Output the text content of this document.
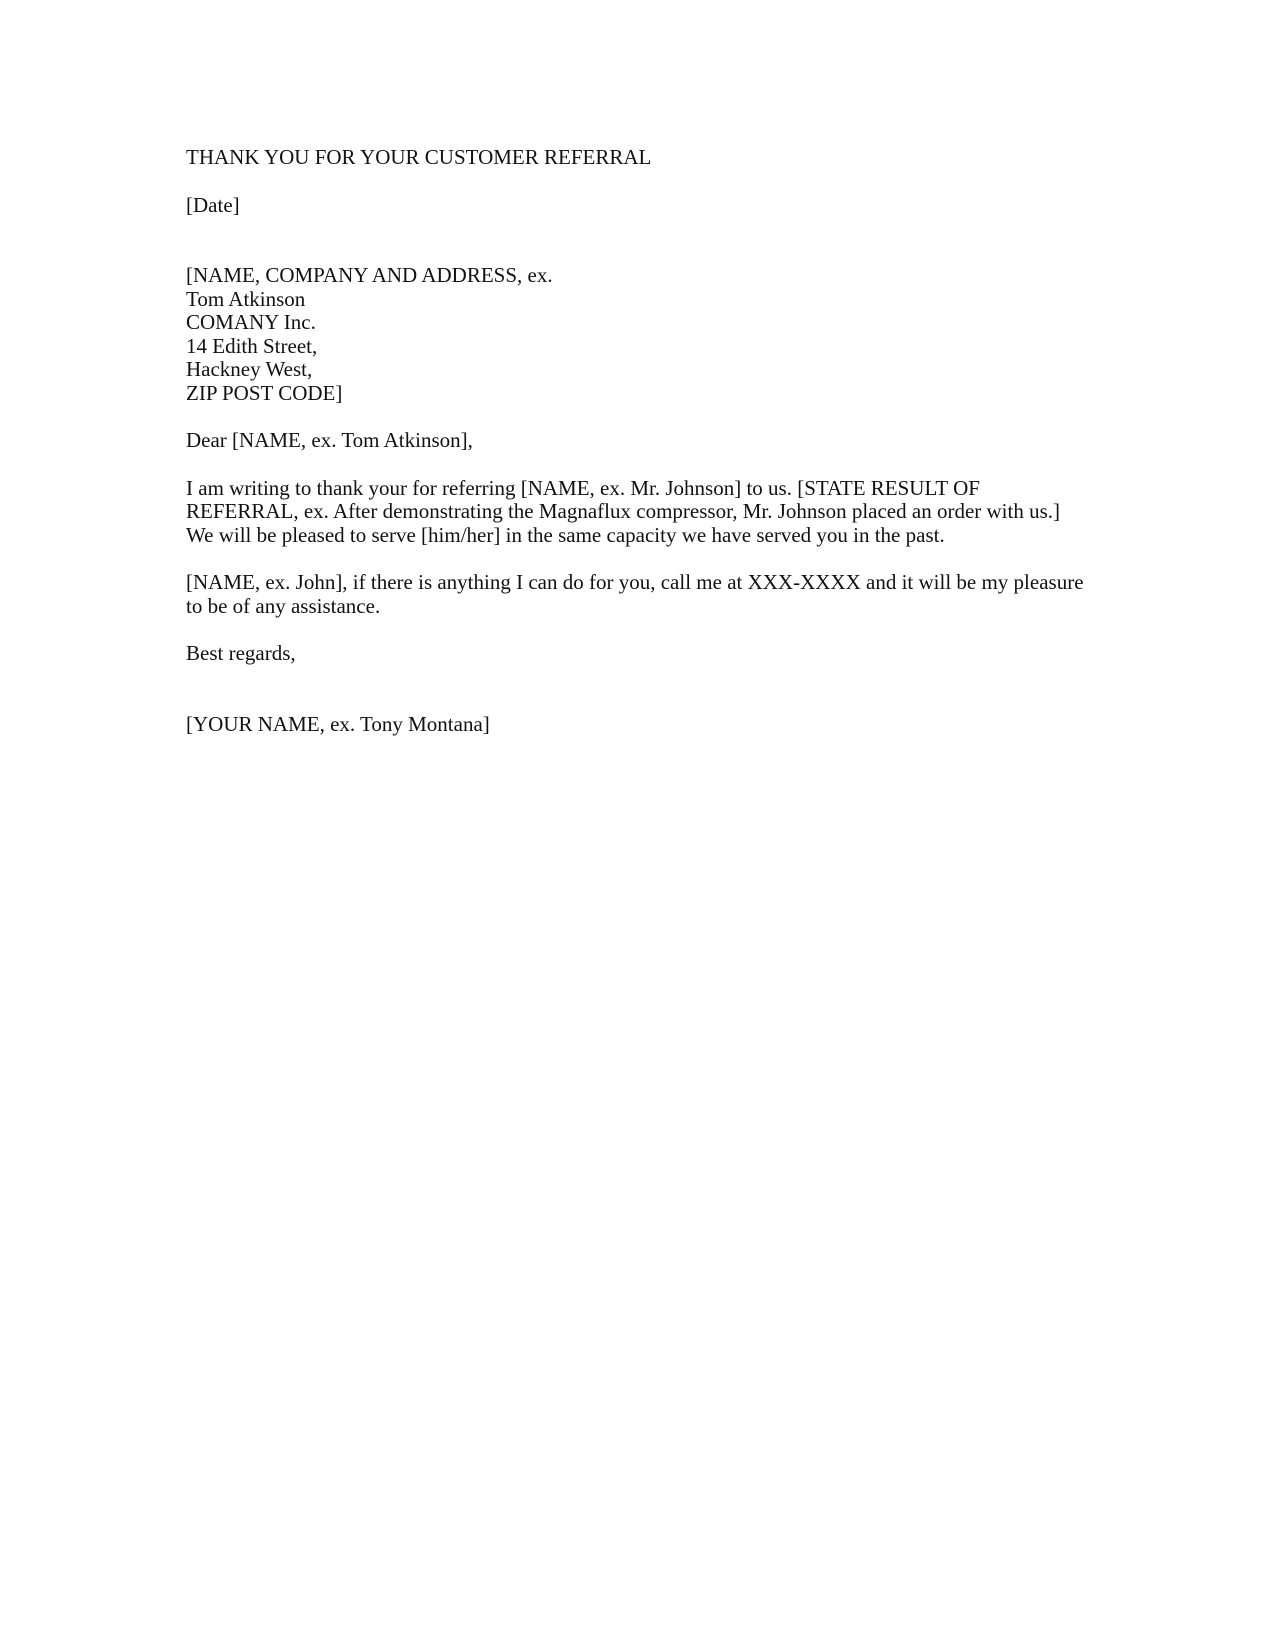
THANK YOU FOR YOUR CUSTOMER REFERRAL
[Date]
[NAME, COMPANY AND ADDRESS, ex.
Tom Atkinson
COMANY Inc.
14 Edith Street,
Hackney West,
ZIP POST CODE]
Dear [NAME, ex. Tom Atkinson],
I am writing to thank your for referring [NAME, ex. Mr. Johnson] to us. [STATE RESULT OF
REFERRAL, ex. After demonstrating the Magnaflux compressor, Mr. Johnson placed an order with us.]
We will be pleased to serve [him/her] in the same capacity we have served you in the past.
[NAME, ex. John], if there is anything I can do for you, call me at XXX-XXXX and it will be my pleasure
to be of any assistance.
Best regards,
[YOUR NAME, ex. Tony Montana]
